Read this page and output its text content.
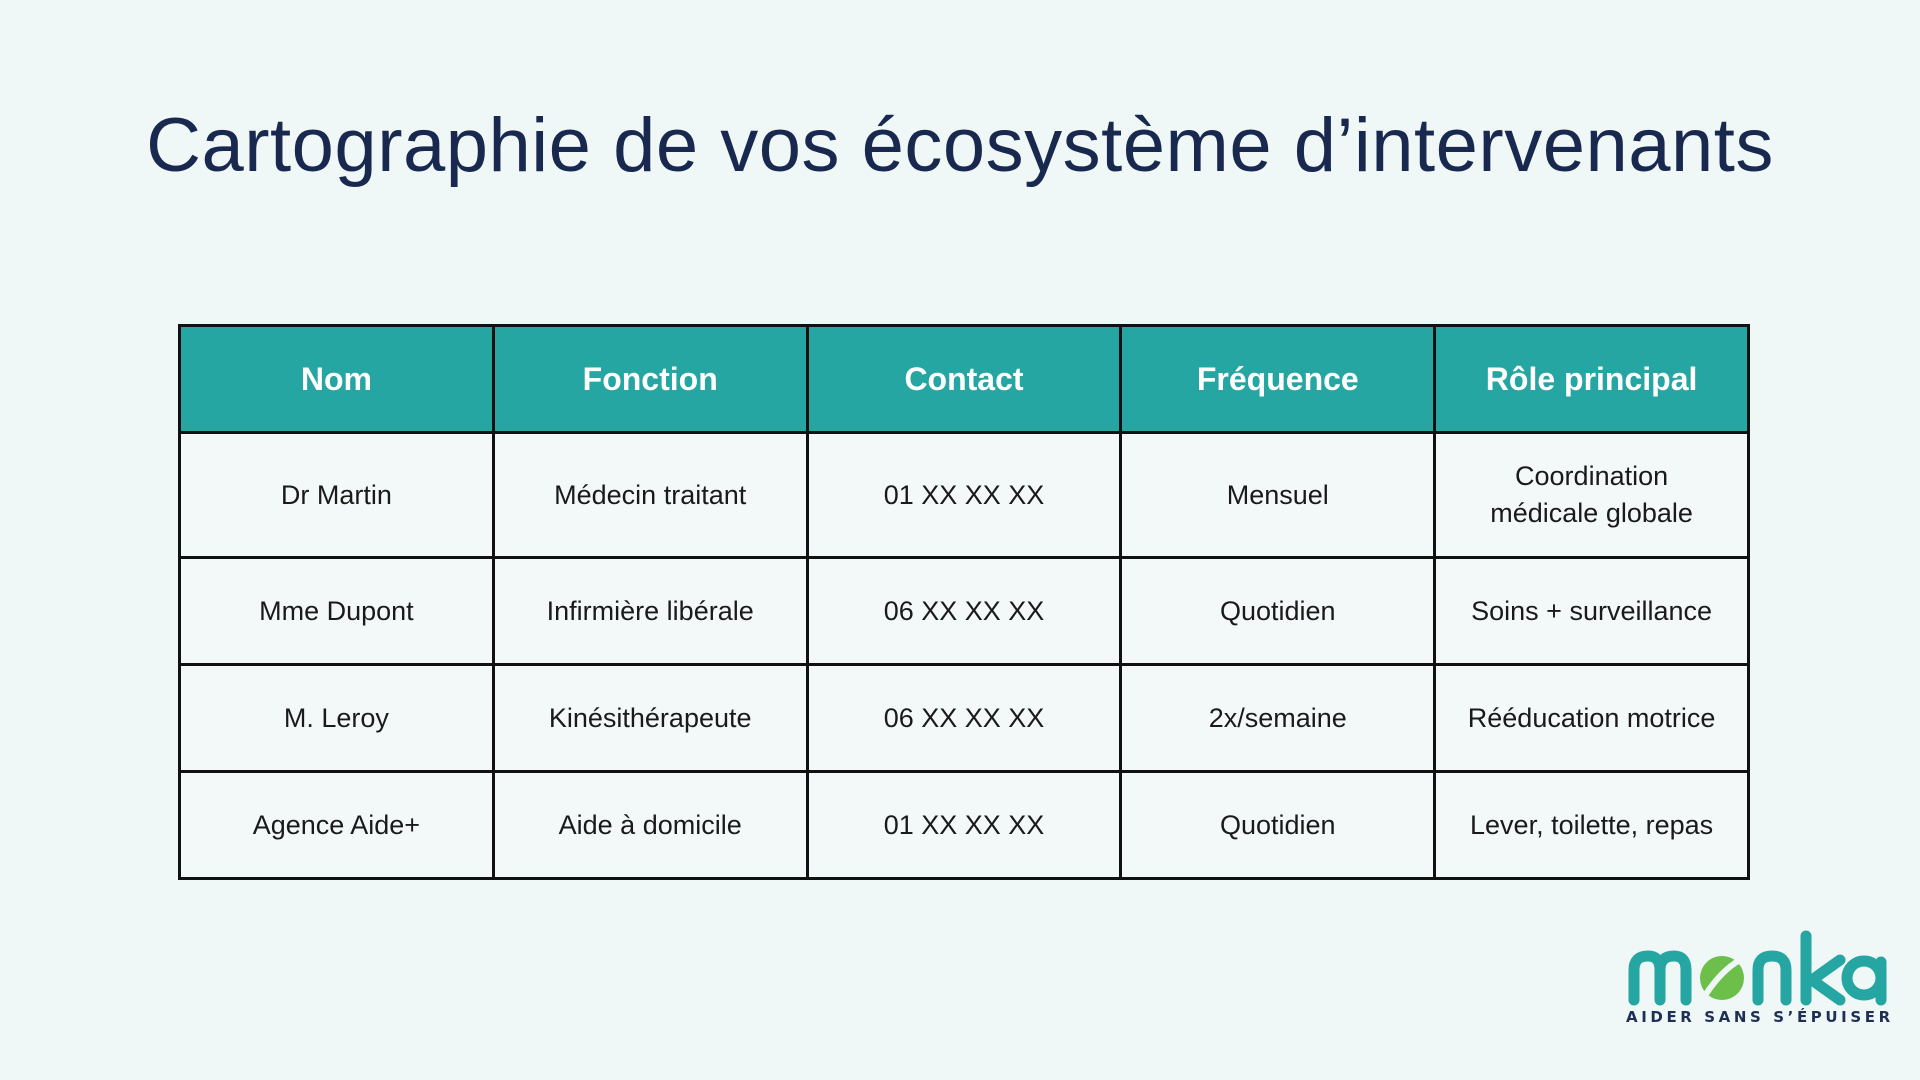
Cartographie de vos écosystème d’intervenants
Nom	Fonction	Contact	Fréquence	Rôle principal
Dr Martin	Médecin traitant	01 XX XX XX	Mensuel	Coordination médicale globale
Mme Dupont	Infirmière libérale	06 XX XX XX	Quotidien	Soins + surveillance
M. Leroy	Kinésithérapeute	06 XX XX XX	2x/semaine	Rééducation motrice
Agence Aide+	Aide à domicile	01 XX XX XX	Quotidien	Lever, toilette, repas
AIDER SANS S’ÉPUISER
